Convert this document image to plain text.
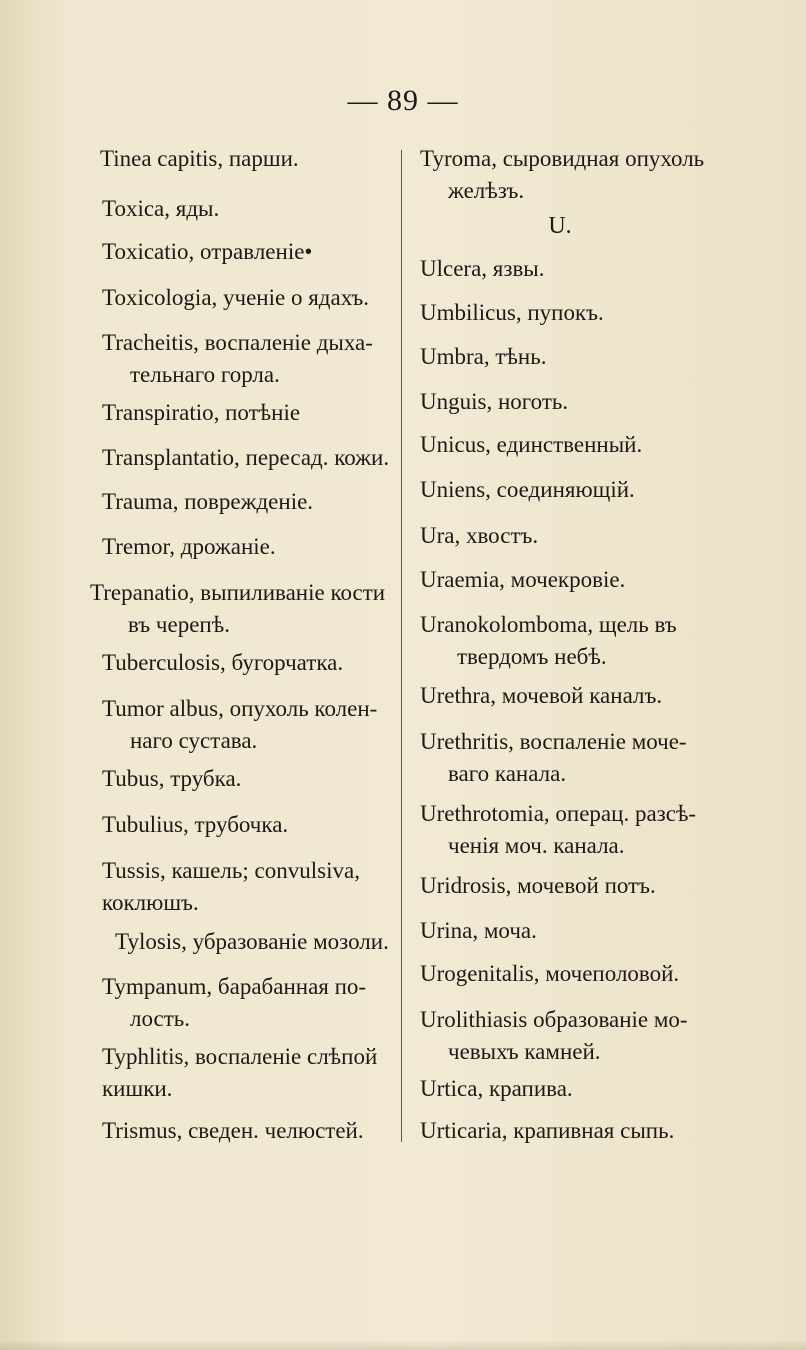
— 89 —
Tinea capitis, парши.
Toxica, яды.
Toxicatio, отравленіе•
Toxicologia, ученіе о ядахъ.
Tracheitis, воспаленіе дыха-
тельнаго горла.
Transpiratio, потѣніе
Transplantatio, пересад. кожи.
Trauma, поврежденіе.
Tremor, дрожаніе.
Trepanatio, выпиливаніе кости
въ черепѣ.
Tuberculosis, бугорчатка.
Tumor albus, опухоль колен-
наго сустава.
Tubus, трубка.
Tubulius, трубочка.
Tussis, кашель; convulsiva,
коклюшъ.
Tylosis, убразованіе мозоли.
Tympanum, барабанная по-
лость.
Typhlitis, воспаленіе слѣпой
кишки.
Trismus, сведен. челюстей.
Tyroma, сыровидная опухоль
желѣзъ.
U.
Ulcera, язвы.
Umbilicus, пупокъ.
Umbra, тѣнь.
Unguis, ноготь.
Unicus, единственный.
Uniens, соединяющій.
Ura, хвостъ.
Uraemia, мочекровіе.
Uranokolomboma, щель въ
твердомъ небѣ.
Urethra, мочевой каналъ.
Urethritis, воспаленіе моче-
ваго канала.
Urethrotomia, операц. разсѣ-
ченія моч. канала.
Uridrosis, мочевой потъ.
Urina, моча.
Urogenitalis, мочеполовой.
Urolithiasis образованіе мо-
чевыхъ камней.
Urtica, крапива.
Urticaria, крапивная сыпь.
